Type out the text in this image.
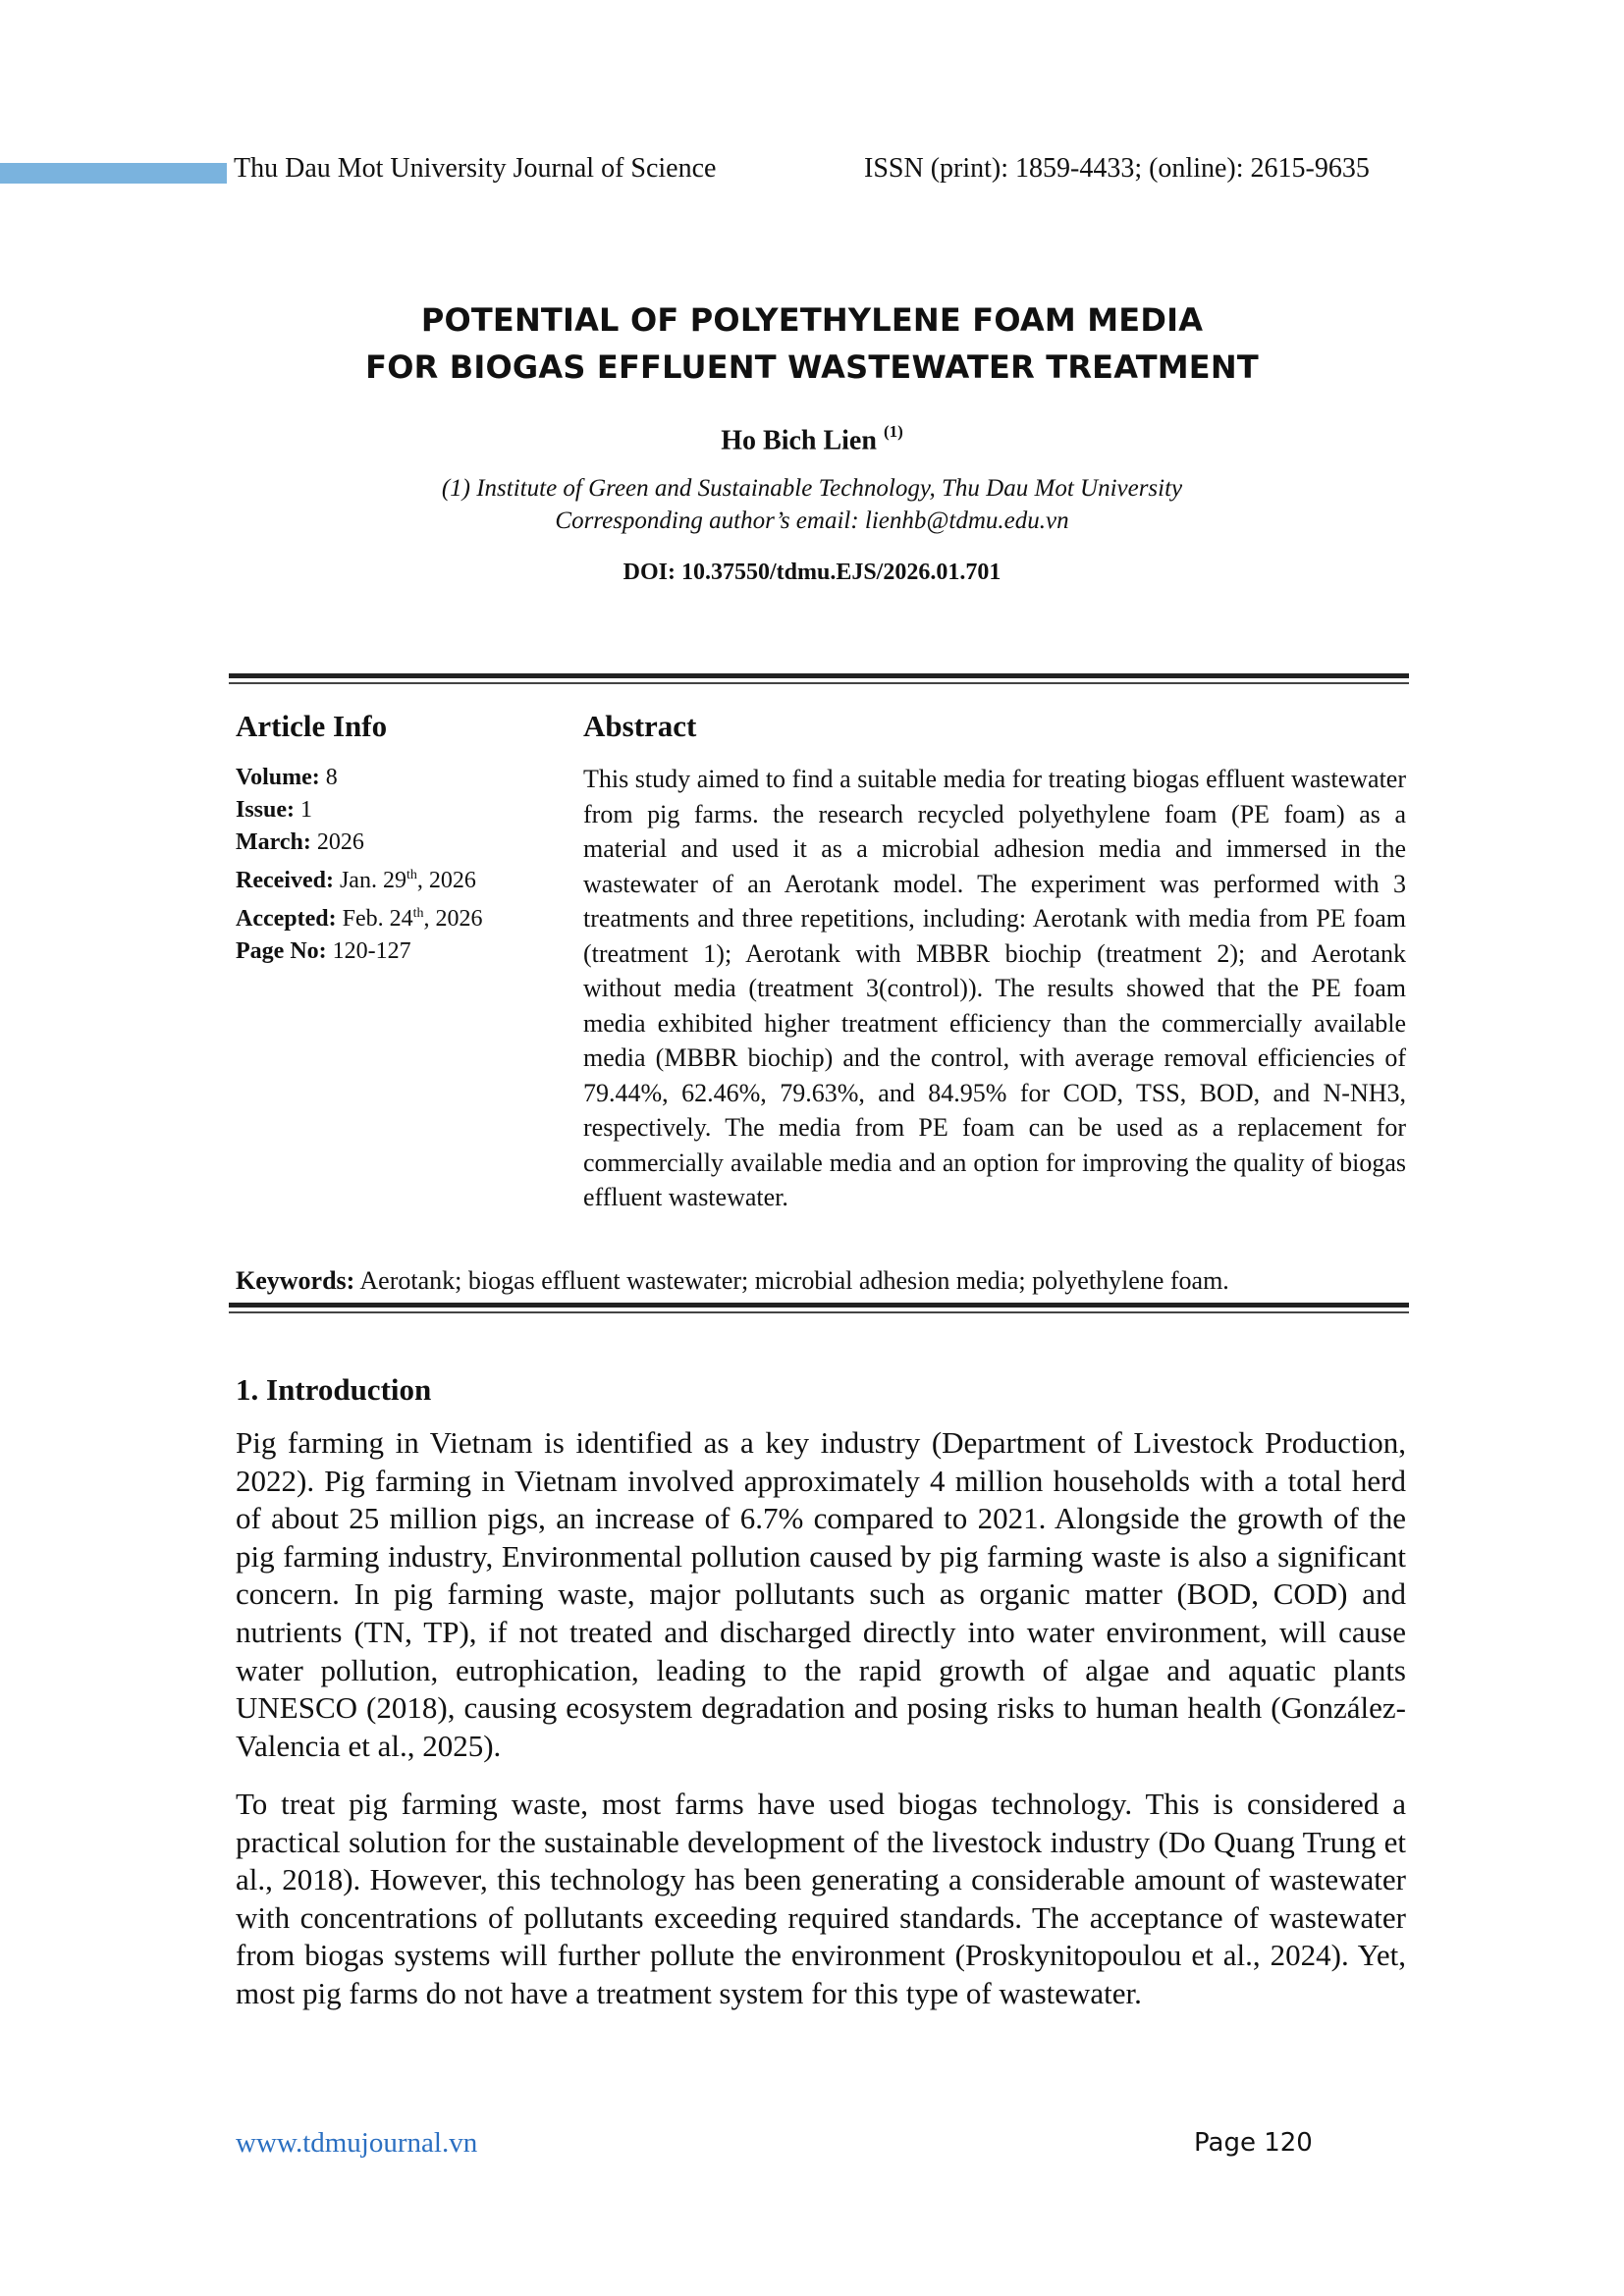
Thu Dau Mot University Journal of Science	ISSN (print): 1859-4433; (online): 2615-9635
POTENTIAL OF POLYETHYLENE FOAM MEDIA
FOR BIOGAS EFFLUENT WASTEWATER TREATMENT
Ho Bich Lien $^{(1)}$
(1) Institute of Green and Sustainable Technology, Thu Dau Mot University
Corresponding author’s email: lienhb@tdmu.edu.vn
DOI: 10.37550/tdmu.EJS/2026.01.701
Article Info
Volume: 8
Issue: 1
March: 2026
Received: Jan. 29th, 2026
Accepted: Feb. 24th, 2026
Page No: 120-127
Abstract
This study aimed to find a suitable media for treating biogas effluent wastewater from pig farms. the research recycled polyethylene foam (PE foam) as a material and used it as a microbial adhesion media and immersed in the wastewater of an Aerotank model. The experiment was performed with 3 treatments and three repetitions, including: Aerotank with media from PE foam (treatment 1); Aerotank with MBBR biochip (treatment 2); and Aerotank without media (treatment 3(control)). The results showed that the PE foam media exhibited higher treatment efficiency than the commercially available media (MBBR biochip) and the control, with average removal efficiencies of 79.44%, 62.46%, 79.63%, and 84.95% for COD, TSS, BOD, and N-NH3, respectively. The media from PE foam can be used as a replacement for commercially available media and an option for improving the quality of biogas effluent wastewater.
Keywords: Aerotank; biogas effluent wastewater; microbial adhesion media; polyethylene foam.
1. Introduction
Pig farming in Vietnam is identified as a key industry (Department of Livestock Production, 2022). Pig farming in Vietnam involved approximately 4 million households with a total herd of about 25 million pigs, an increase of 6.7% compared to 2021. Alongside the growth of the pig farming industry, Environmental pollution caused by pig farming waste is also a significant concern. In pig farming waste, major pollutants such as organic matter (BOD, COD) and nutrients (TN, TP), if not treated and discharged directly into water environment, will cause water pollution, eutrophication, leading to the rapid growth of algae and aquatic plants UNESCO (2018), causing ecosystem degradation and posing risks to human health (González-Valencia et al., 2025).
To treat pig farming waste, most farms have used biogas technology. This is considered a practical solution for the sustainable development of the livestock industry (Do Quang Trung et al., 2018). However, this technology has been generating a considerable amount of wastewater with concentrations of pollutants exceeding required standards. The acceptance of wastewater from biogas systems will further pollute the environment (Proskynitopoulou et al., 2024). Yet, most pig farms do not have a treatment system for this type of wastewater.
www.tdmujournal.vn	Page 120
